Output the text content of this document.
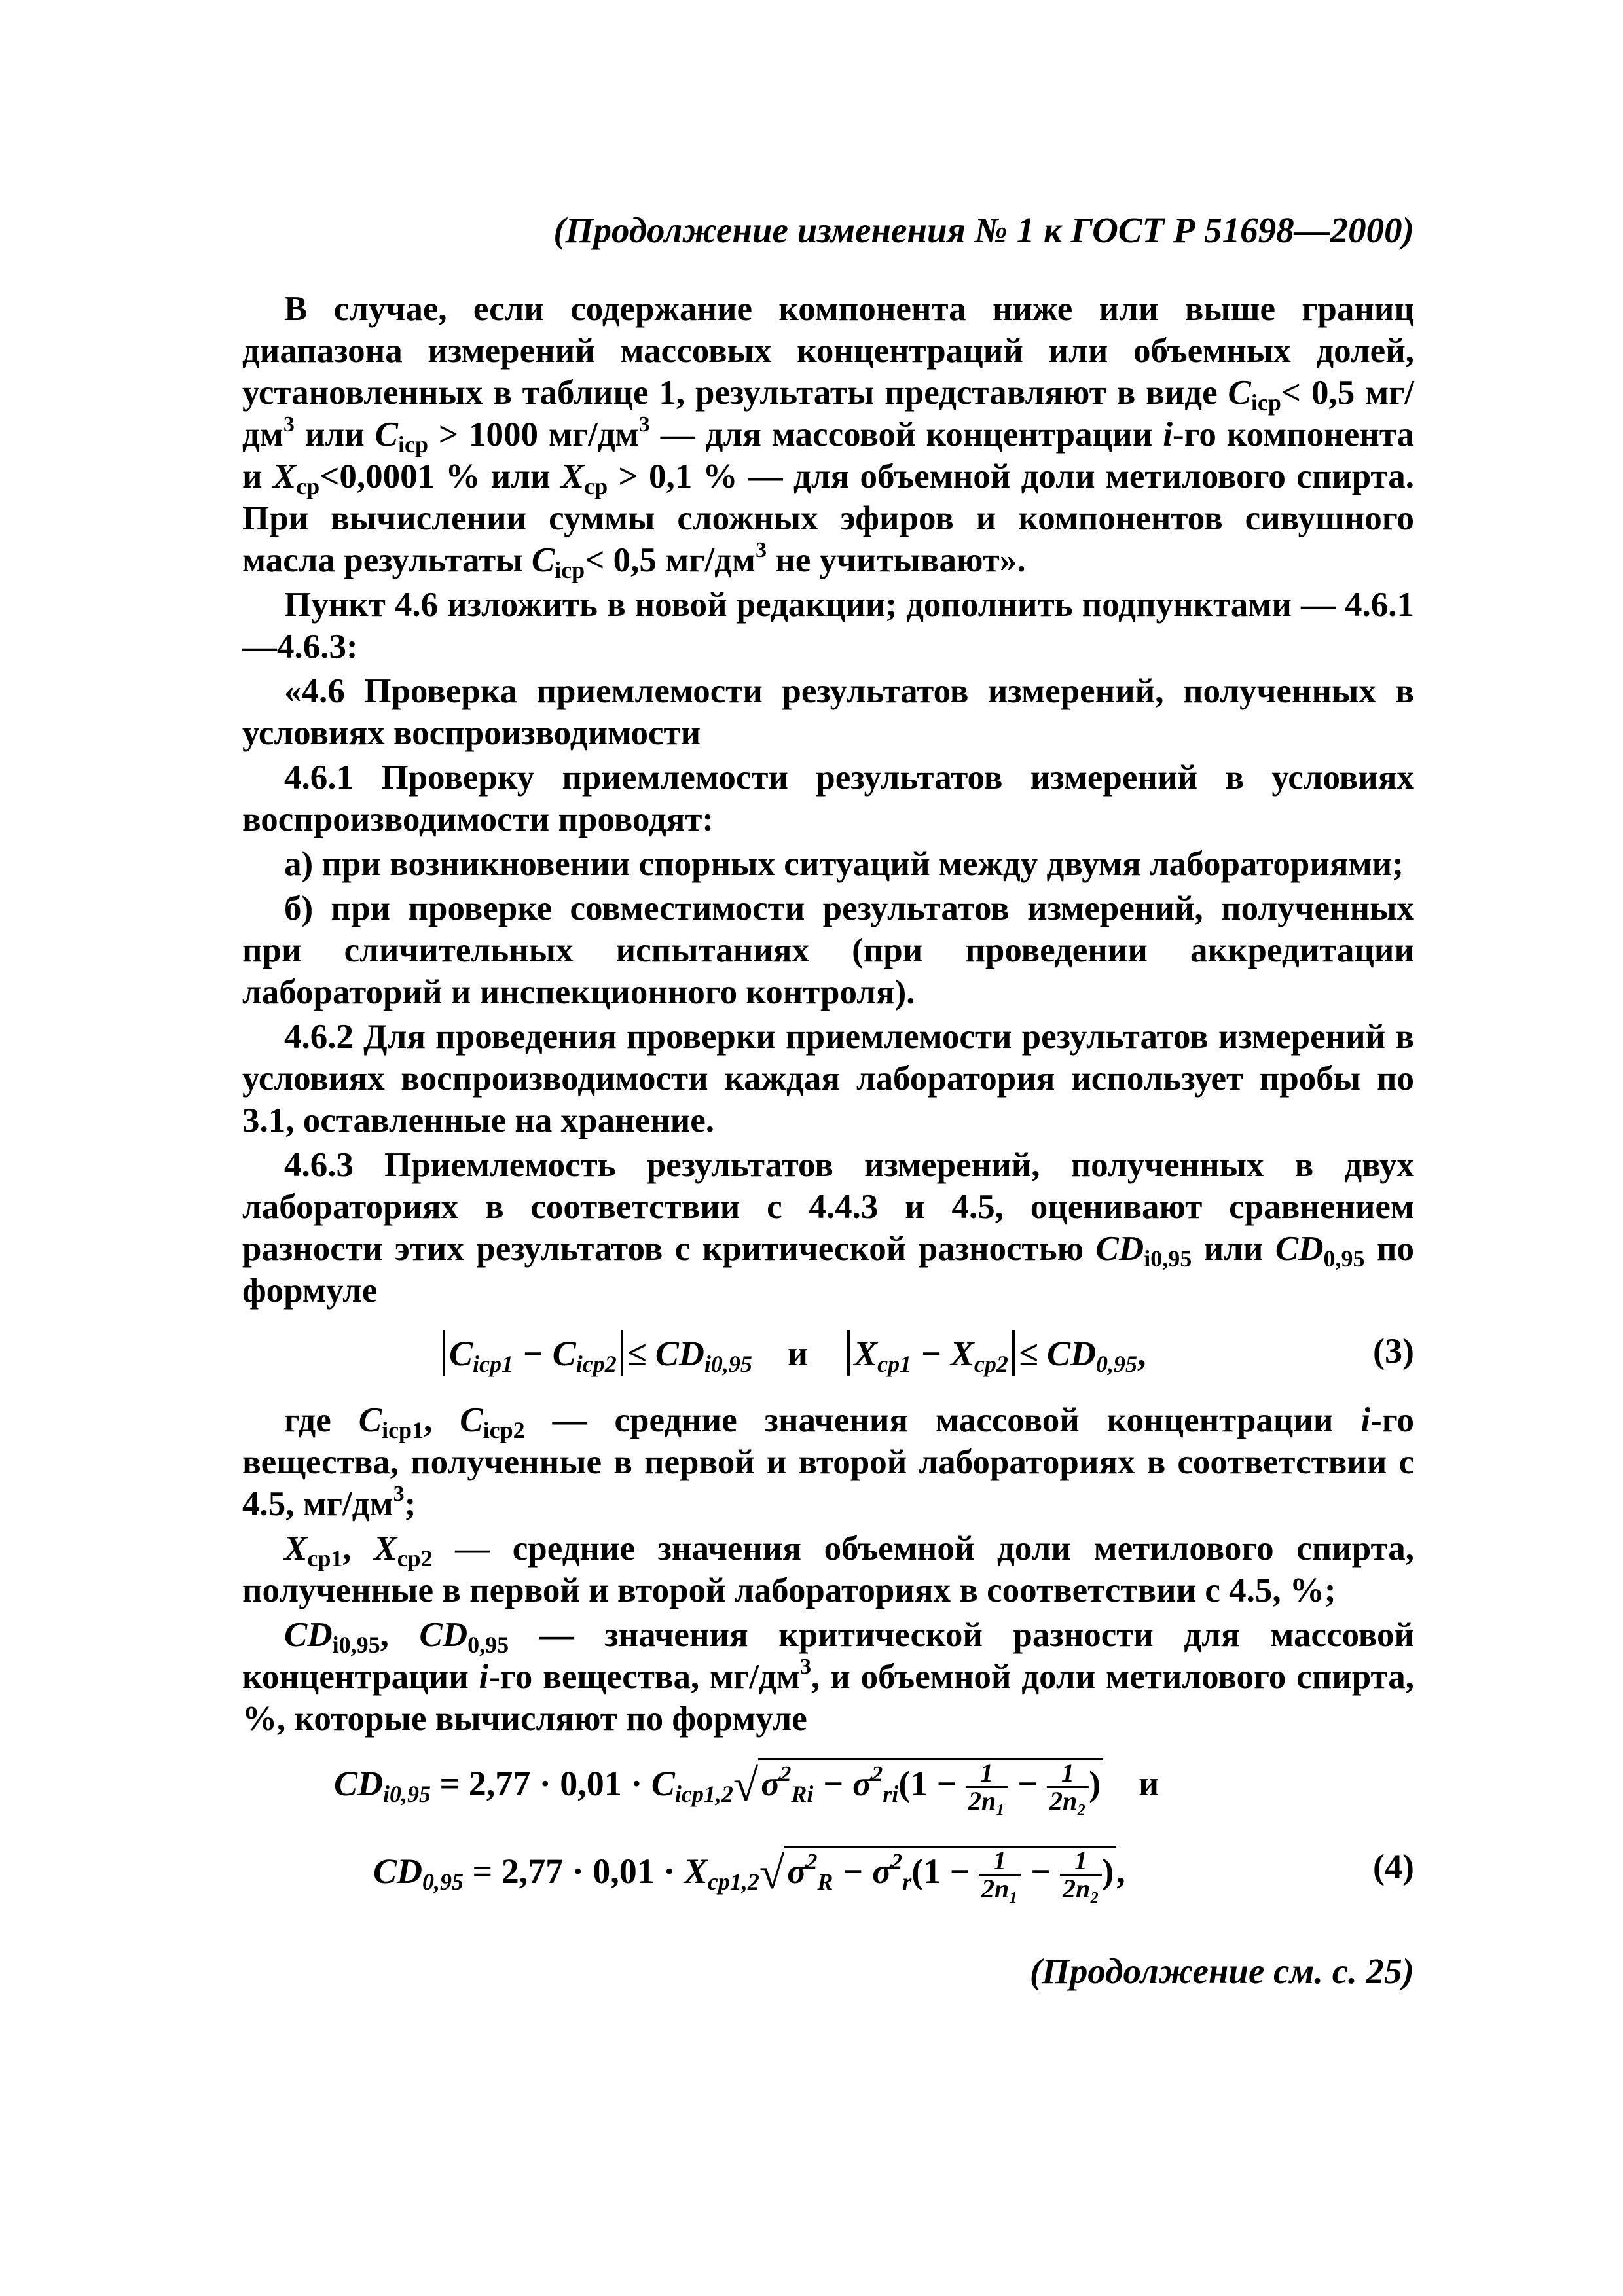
(Продолжение изменения № 1 к ГОСТ Р 51698—2000)

В случае, если содержание компонента ниже или выше границ диапазона измерений массовых концентраций или объемных долей, установленных в таблице 1, результаты представляют в виде $C_{icp}< 0,5$ $мг/дм^3$ или $C_{icp} > 1000$ $мг/дм^3$ — для массовой концентрации i-го компонента и $X_{ср}<0,0001$ % или $X_{ср} > 0,1$ % — для объемной доли метилового спирта. При вычислении суммы сложных эфиров и компонентов сивушного масла результаты $C_{icp}< 0,5$ $мг/дм^3$ не учитывают».

Пункт 4.6 изложить в новой редакции; дополнить подпунктами — 4.6.1—4.6.3:

«4.6 Проверка приемлемости результатов измерений, полученных в условиях воспроизводимости

4.6.1 Проверку приемлемости результатов измерений в условиях воспроизводимости проводят:

а) при возникновении спорных ситуаций между двумя лабораториями;

б) при проверке совместимости результатов измерений, полученных при сличительных испытаниях (при проведении аккредитации лабораторий и инспекционного контроля).

4.6.2 Для проведения проверки приемлемости результатов измерений в условиях воспроизводимости каждая лаборатория использует пробы по 3.1, оставленные на хранение.

4.6.3 Приемлемость результатов измерений, полученных в двух лабораториях в соответствии с 4.4.3 и 4.5, оценивают сравнением разности этих результатов с критической разностью $CD_{i0,95}$ или $CD_{0,95}$ по формуле

$C_{icp1} - C_{icp2} \le CD_{i0,95}$ и $X_{cp1} - X_{cp2} \le CD_{0,95}$,	(3)

где $C_{icp1}$, $C_{icp2}$ — средние значения массовой концентрации i-го вещества, полученные в первой и второй лабораториях в соответствии с 4.5, $мг/дм^3$;

$X_{cp1}$, $X_{cp2}$ — средние значения объемной доли метилового спирта, полученные в первой и второй лабораториях в соответствии с 4.5, %;

$CD_{i0,95}$, $CD_{0,95}$ — значения критической разности для массовой концентрации i-го вещества, $мг/дм^3$, и объемной доли метилового спирта, %, которые вычисляют по формуле

$CD_{i0,95} = 2,77 \cdot 0,01 \cdot C_{icp1,2}√\sigma^2_{Ri} - \sigma^2_{ri}(1 - \frac{1}{\text{2n₁}} - \frac{1}{\text{2n₂}}$ ) и
$CD_{0,95} = 2,77 \cdot 0,01 \cdot X_{cp1,2}√\sigma^2_R - \sigma^2_r(1 - \frac{1}{\text{2n₁}} - \frac{1}{\text{2n₂}}$ ),	(4)
(Продолжение см. с. 25)
